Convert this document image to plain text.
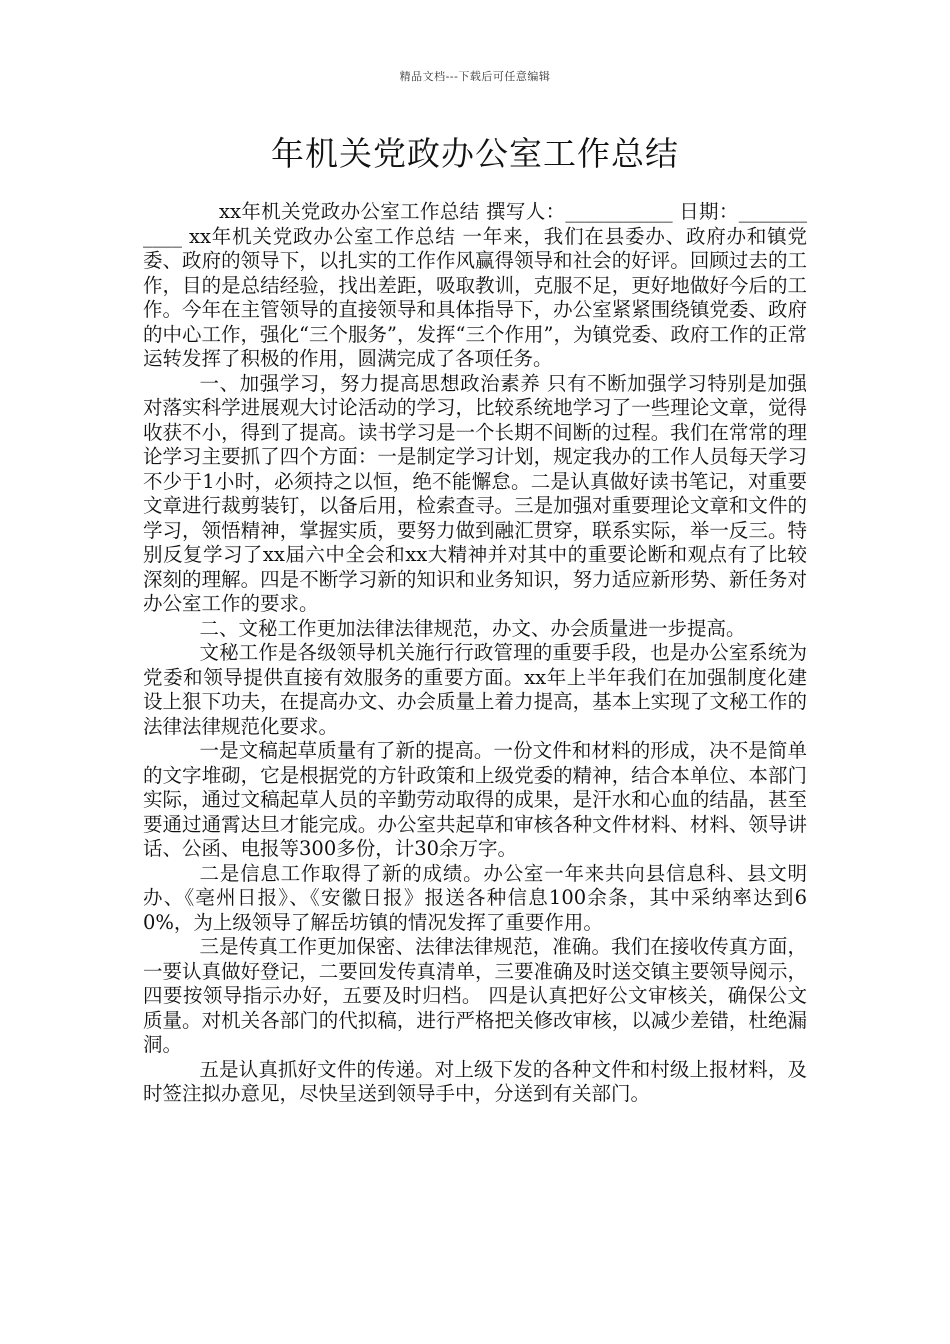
精品文档---下载后可任意编辑
年机关党政办公室工作总结

xx年机关党政办公室工作总结 撰写人：___________ 日期：___________ xx年机关党政办公室工作总结 一年来，我们在县委办、政府办和镇党委、政府的领导下，以扎实的工作作风赢得领导和社会的好评。回顾过去的工作，目的是总结经验，找出差距，吸取教训，克服不足，更好地做好今后的工作。今年在主管领导的直接领导和具体指导下，办公室紧紧围绕镇党委、政府的中心工作，强化“三个服务”，发挥“三个作用”，为镇党委、政府工作的正常运转发挥了积极的作用，圆满完成了各项任务。

一、加强学习，努力提高思想政治素养 只有不断加强学习特别是加强对落实科学进展观大讨论活动的学习，比较系统地学习了一些理论文章，觉得收获不小，得到了提高。读书学习是一个长期不间断的过程。我们在常常的理论学习主要抓了四个方面：一是制定学习计划，规定我办的工作人员每天学习不少于1小时，必须持之以恒，绝不能懈怠。二是认真做好读书笔记，对重要文章进行裁剪装钉，以备后用，检索查寻。三是加强对重要理论文章和文件的学习，领悟精神，掌握实质，要努力做到融汇贯穿，联系实际，举一反三。特别反复学习了xx届六中全会和xx大精神并对其中的重要论断和观点有了比较深刻的理解。四是不断学习新的知识和业务知识，努力适应新形势、新任务对办公室工作的要求。

二、文秘工作更加法律法律规范，办文、办会质量进一步提高。

文秘工作是各级领导机关施行行政管理的重要手段，也是办公室系统为党委和领导提供直接有效服务的重要方面。xx年上半年我们在加强制度化建设上狠下功夫，在提高办文、办会质量上着力提高，基本上实现了文秘工作的法律法律规范化要求。

一是文稿起草质量有了新的提高。一份文件和材料的形成，决不是简单的文字堆砌，它是根据党的方针政策和上级党委的精神，结合本单位、本部门实际，通过文稿起草人员的辛勤劳动取得的成果，是汗水和心血的结晶，甚至要通过通霄达旦才能完成。办公室共起草和审核各种文件材料、材料、领导讲话、公函、电报等300多份，计30余万字。

二是信息工作取得了新的成绩。办公室一年来共向县信息科、县文明办、《亳州日报》、《安徽日报》报送各种信息100余条，其中采纳率达到60%，为上级领导了解岳坊镇的情况发挥了重要作用。

三是传真工作更加保密、法律法律规范，准确。我们在接收传真方面，一要认真做好登记，二要回发传真清单，三要准确及时送交镇主要领导阅示，四要按领导指示办好，五要及时归档。 四是认真把好公文审核关，确保公文质量。对机关各部门的代拟稿，进行严格把关修改审核，以减少差错，杜绝漏洞。

五是认真抓好文件的传递。对上级下发的各种文件和村级上报材料，及时签注拟办意见，尽快呈送到领导手中，分送到有关部门。
